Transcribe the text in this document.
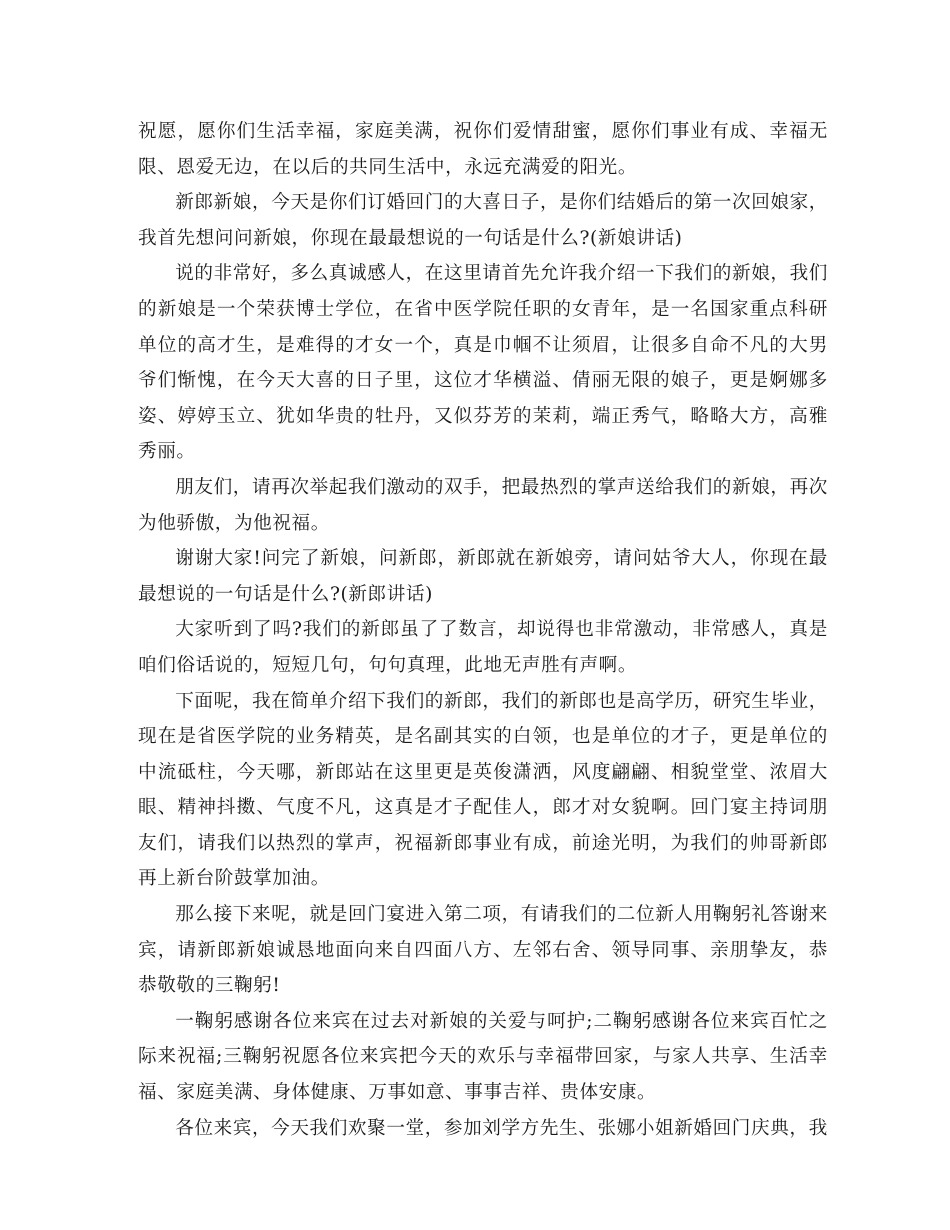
祝愿，愿你们生活幸福，家庭美满，祝你们爱情甜蜜，愿你们事业有成、幸福无限、恩爱无边，在以后的共同生活中，永远充满爱的阳光。

新郎新娘，今天是你们订婚回门的大喜日子，是你们结婚后的第一次回娘家，我首先想问问新娘，你现在最最想说的一句话是什么?(新娘讲话)

说的非常好，多么真诚感人，在这里请首先允许我介绍一下我们的新娘，我们的新娘是一个荣获博士学位，在省中医学院任职的女青年，是一名国家重点科研单位的高才生，是难得的才女一个，真是巾帼不让须眉，让很多自命不凡的大男爷们惭愧，在今天大喜的日子里，这位才华横溢、倩丽无限的娘子，更是婀娜多姿、婷婷玉立、犹如华贵的牡丹，又似芬芳的茉莉，端正秀气，略略大方，高雅秀丽。

朋友们，请再次举起我们激动的双手，把最热烈的掌声送给我们的新娘，再次为他骄傲，为他祝福。

谢谢大家!问完了新娘，问新郎，新郎就在新娘旁，请问姑爷大人，你现在最最想说的一句话是什么?(新郎讲话)

大家听到了吗?我们的新郎虽了了数言，却说得也非常激动，非常感人，真是咱们俗话说的，短短几句，句句真理，此地无声胜有声啊。

下面呢，我在简单介绍下我们的新郎，我们的新郎也是高学历，研究生毕业，现在是省医学院的业务精英，是名副其实的白领，也是单位的才子，更是单位的中流砥柱，今天哪，新郎站在这里更是英俊潇洒，风度翩翩、相貌堂堂、浓眉大眼、精神抖擞、气度不凡，这真是才子配佳人，郎才对女貌啊。回门宴主持词朋友们，请我们以热烈的掌声，祝福新郎事业有成，前途光明，为我们的帅哥新郎再上新台阶鼓掌加油。

那么接下来呢，就是回门宴进入第二项，有请我们的二位新人用鞠躬礼答谢来宾，请新郎新娘诚恳地面向来自四面八方、左邻右舍、领导同事、亲朋挚友，恭恭敬敬的三鞠躬!

一鞠躬感谢各位来宾在过去对新娘的关爱与呵护;二鞠躬感谢各位来宾百忙之际来祝福;三鞠躬祝愿各位来宾把今天的欢乐与幸福带回家，与家人共享、生活幸福、家庭美满、身体健康、万事如意、事事吉祥、贵体安康。

各位来宾，今天我们欢聚一堂，参加刘学方先生、张娜小姐新婚回门庆典，我
